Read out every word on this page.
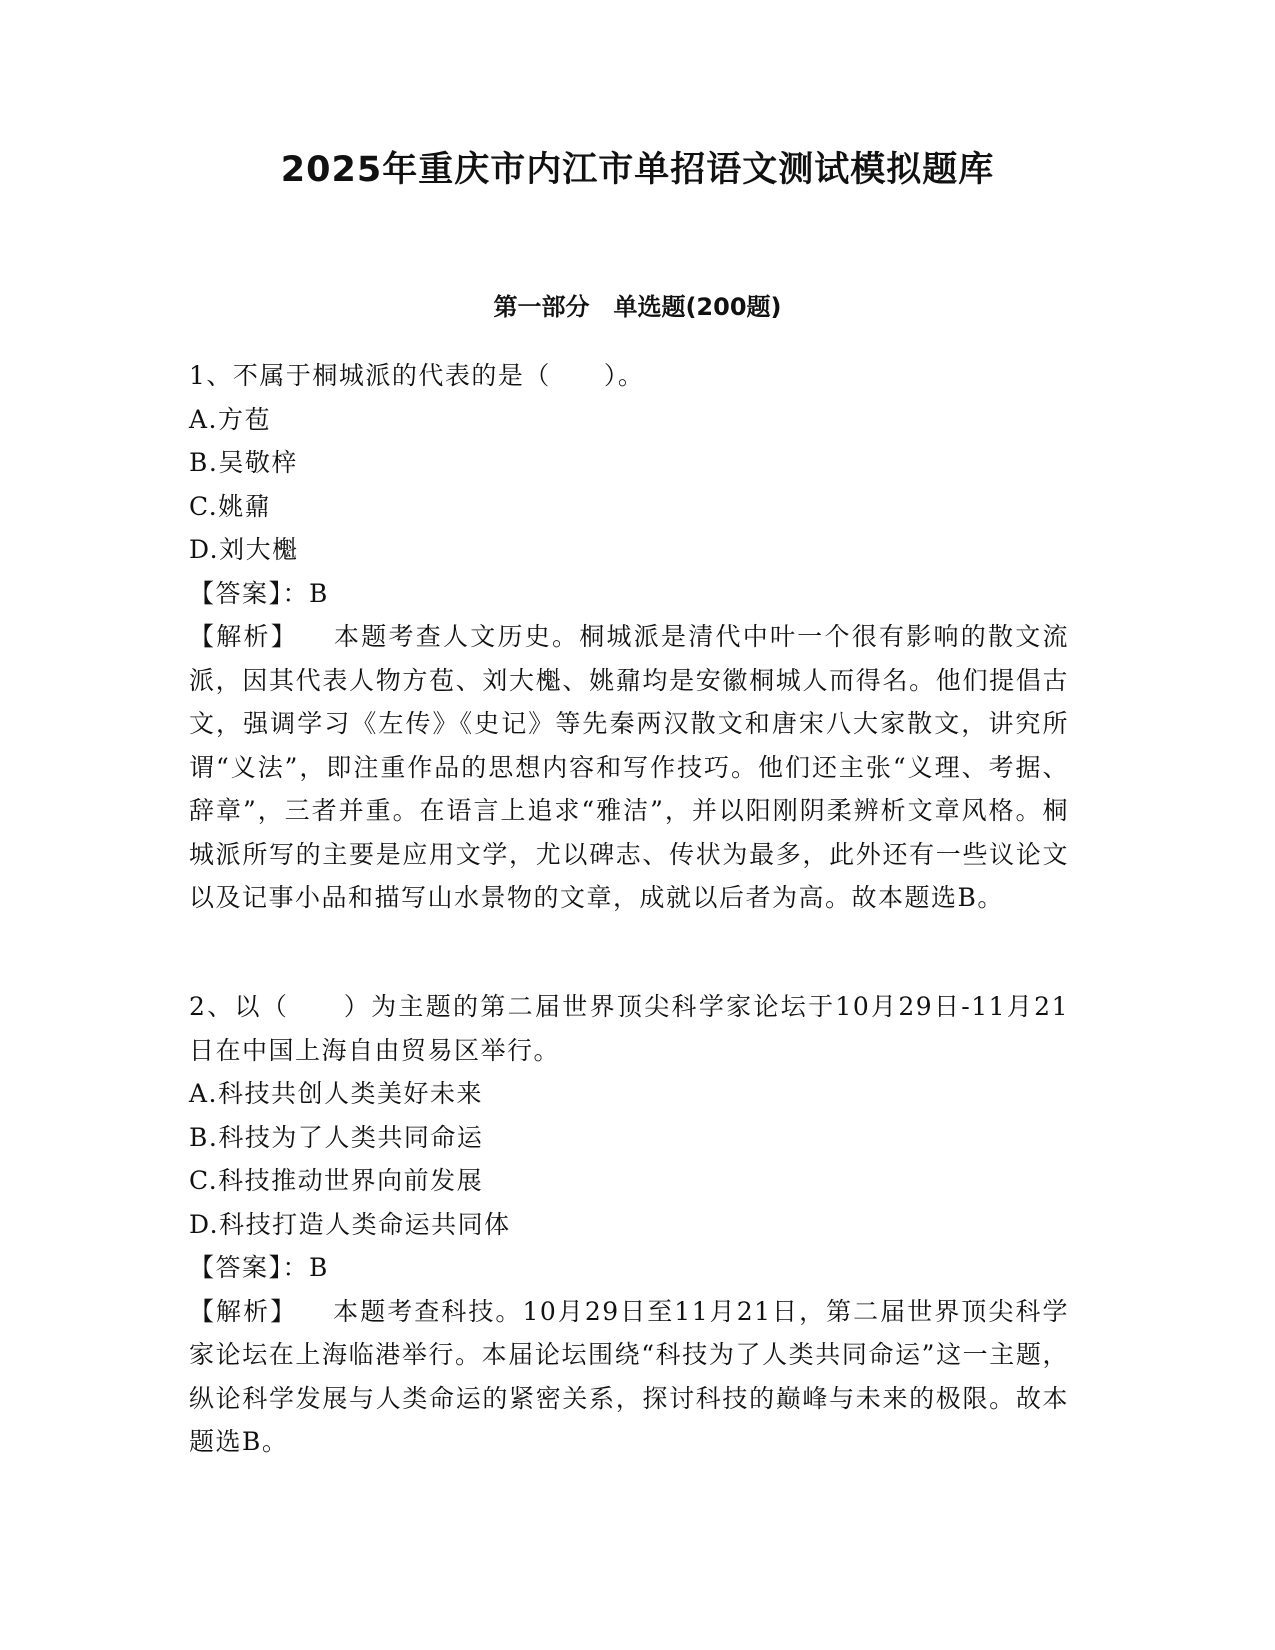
2025年重庆市内江市单招语文测试模拟题库
第一部分　 单选题(200题)

1、不属于桐城派的代表的是（　　）。

A.方苞

B.吴敬梓

C.姚鼐

D.刘大櫆

【答案】：B

【解析】 本题考查人文历史。桐城派是清代中叶一个很有影响的散文流派，因其代表人物方苞、刘大櫆、姚鼐均是安徽桐城人而得名。他们提倡古文，强调学习《左传》《史记》等先秦两汉散文和唐宋八大家散文，讲究所谓“义法”，即注重作品的思想内容和写作技巧。他们还主张“义理、考据、辞章”，三者并重。在语言上追求“雅洁”，并以阳刚阴柔辨析文章风格。桐城派所写的主要是应用文学，尤以碑志、传状为最多，此外还有一些议论文以及记事小品和描写山水景物的文章，成就以后者为高。故本题选B。

2、以（　　）为主题的第二届世界顶尖科学家论坛于10月29日-11月21日在中国上海自由贸易区举行。

A.科技共创人类美好未来

B.科技为了人类共同命运

C.科技推动世界向前发展

D.科技打造人类命运共同体

【答案】：B

【解析】 本题考查科技。10月29日至11月21日，第二届世界顶尖科学家论坛在上海临港举行。本届论坛围绕“科技为了人类共同命运”这一主题，纵论科学发展与人类命运的紧密关系，探讨科技的巅峰与未来的极限。故本题选B。
